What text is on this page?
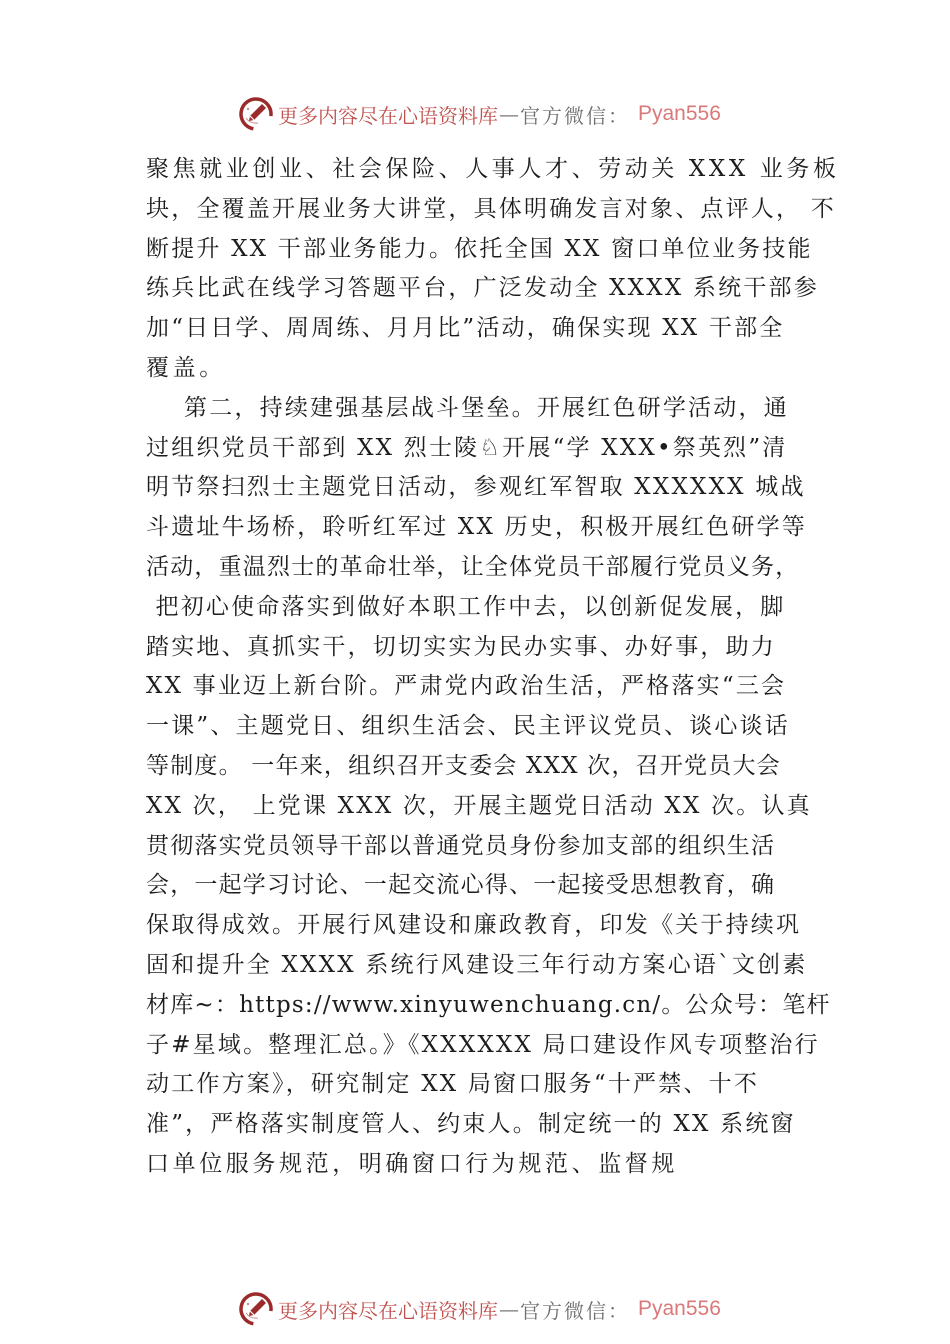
更多内容尽在心语资料库 — 官方微信： Pyan556
聚焦就业创业、社会保险、人事人才、劳动关 XXX 业务板
块，全覆盖开展业务大讲堂，具体明确发言对象、点评人， 不
断提升 XX 干部业务能力。依托全国 XX 窗口单位业务技能
练兵比武在线学习答题平台，广泛发动全 XXXX 系统干部参
加“日日学、周周练、月月比”活动，确保实现 XX 干部全
覆盖。
第二，持续建强基层战斗堡垒。开展红色研学活动，通
过组织党员干部到 XX 烈士陵♘开展“学 XXX•祭英烈”清
明节祭扫烈士主题党日活动，参观红军智取 XXXXXX 城战
斗遗址牛场桥，聆听红军过 XX 历史，积极开展红色研学等
活动，重温烈士的革命壮举，让全体党员干部履行党员义务，
把初心使命落实到做好本职工作中去，以创新促发展，脚
踏实地、真抓实干，切切实实为民办实事、办好事，助力
XX 事业迈上新台阶。严肃党内政治生活，严格落实“三会
一课”、主题党日、组织生活会、民主评议党员、谈心谈话
等制度。 一年来，组织召开支委会 XXX 次，召开党员大会
XX 次， 上党课 XXX 次，开展主题党日活动 XX 次。认真
贯彻落实党员领导干部以普通党员身份参加支部的组织生活
会，一起学习讨论、一起交流心得、一起接受思想教育，确
保取得成效。开展行风建设和廉政教育，印发《关于持续巩
固和提升全 XXXX 系统行风建设三年行动方案心语`文创素
材库~：https://www.xinyuwenchuang.cn/。公众号：笔杆
子#星域。整理汇总。》《XXXXXX 局口建设作风专项整治行
动工作方案》，研究制定 XX 局窗口服务“十严禁、十不
准”，严格落实制度管人、约束人。制定统一的 XX 系统窗
口单位服务规范，明确窗口行为规范、监督规
更多内容尽在心语资料库 — 官方微信： Pyan556
